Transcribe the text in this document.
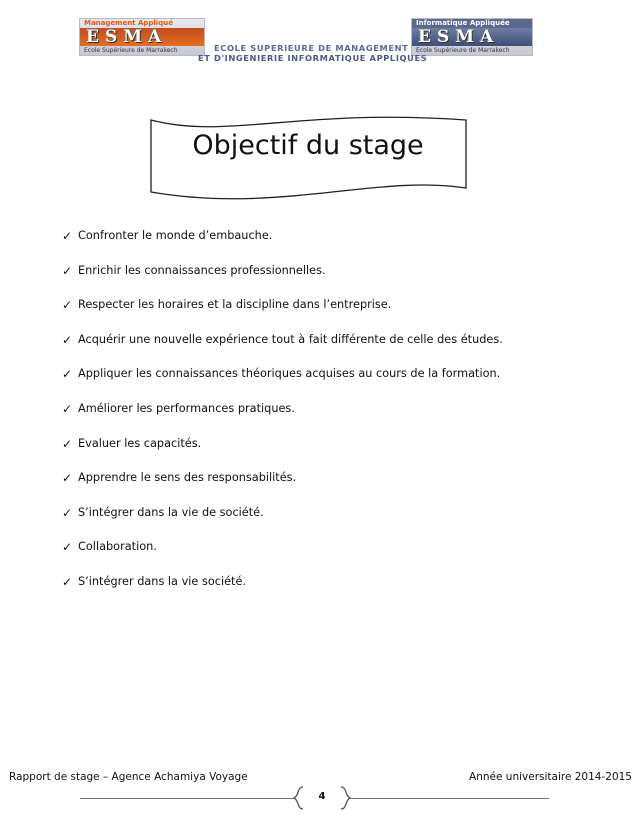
Management Appliqué
ESMA
Ecole Supérieure de Marrakech
Informatique Appliquée
ESMA
Ecole Supérieure de Marrakech
ECOLE SUPERIEURE DE MANAGEMENT
ET D'INGENIERIE INFORMATIQUE APPLIQUES
Objectif du stage
✓ Confronter le monde d’embauche.
✓ Enrichir les connaissances professionnelles.
✓ Respecter les horaires et la discipline dans l’entreprise.
✓ Acquérir une nouvelle expérience tout à fait différente de celle des études.
✓ Appliquer les connaissances théoriques acquises au cours de la formation.
✓ Améliorer les performances pratiques.
✓ Evaluer les capacités.
✓ Apprendre le sens des responsabilités.
✓ S’intégrer dans la vie de société.
✓ Collaboration.
✓ S’intégrer dans la vie société.
Rapport de stage – Agence Achamiya Voyage	Année universitaire 2014-2015
4
